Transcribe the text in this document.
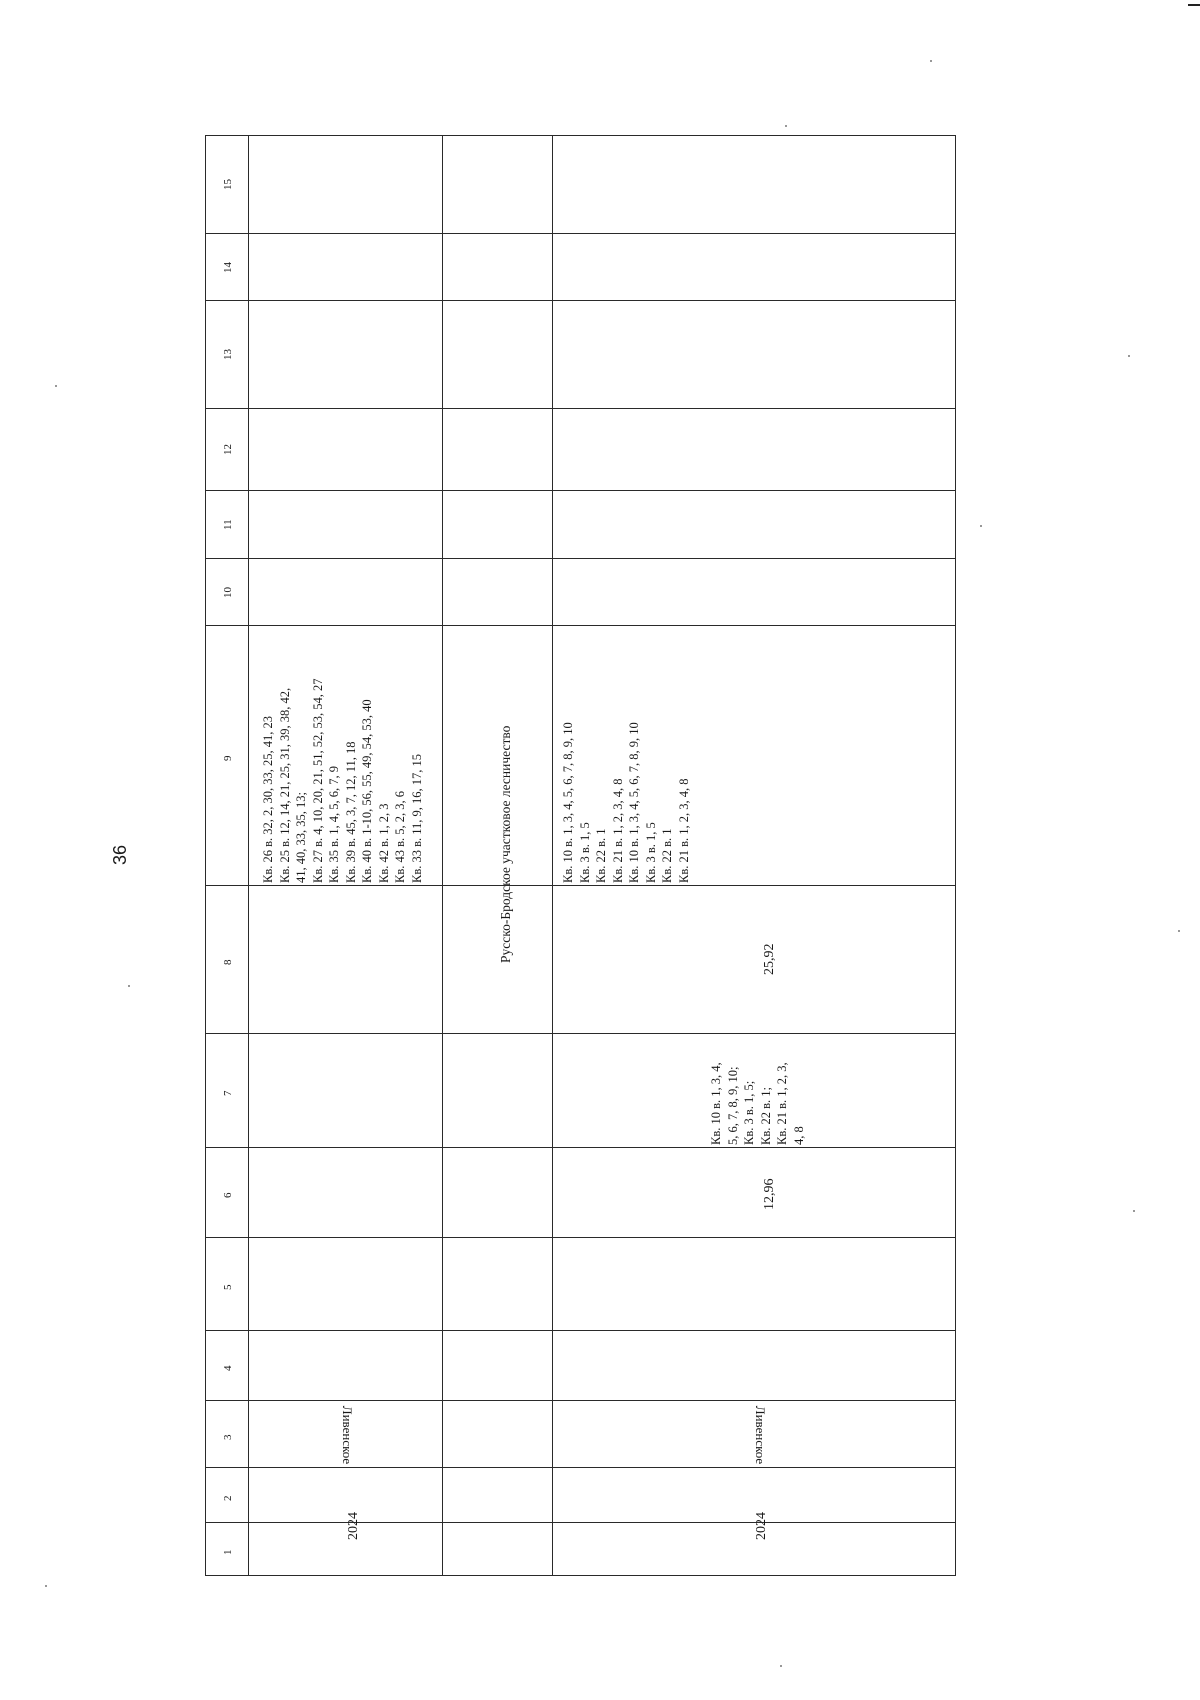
36
15
14
13
12
11
10
9
8
7
6
5
4
3
2
1
2024
Ливенское
Кв. 26 в. 32, 2, 30, 33, 25, 41, 23 Кв. 25 в. 12, 14, 21, 25, 31, 39, 38, 42, 41, 40, 33, 35, 13; Кв. 27 в. 4, 10, 20, 21, 51, 52, 53, 54, 27 Кв. 35 в. 1, 4, 5, 6, 7, 9 Кв. 39 в. 45, 3, 7, 12, 11, 18 Кв. 40 в. 1-10, 56, 55, 49, 54, 53, 40 Кв. 42 в. 1, 2, 3 Кв. 43 в. 5, 2, 3, 6 Кв. 33 в. 11, 9, 16, 17, 15	Русско-Бродское участковое лесничество
2024
Ливенское
12,96
Кв. 10 в. 1, 3, 4, 5, 6, 7, 8, 9, 10; Кв. 3 в. 1, 5; Кв. 22 в. 1; Кв. 21 в. 1, 2, 3, 4, 8
25,92
Кв. 10 в. 1, 3, 4, 5, 6, 7, 8, 9, 10 Кв. 3 в. 1, 5 Кв. 22 в. 1 Кв. 21 в. 1, 2, 3, 4, 8 Кв. 10 в. 1, 3, 4, 5, 6, 7, 8, 9, 10 Кв. 3 в. 1, 5 Кв. 22 в. 1 Кв. 21 в. 1, 2, 3, 4, 8
